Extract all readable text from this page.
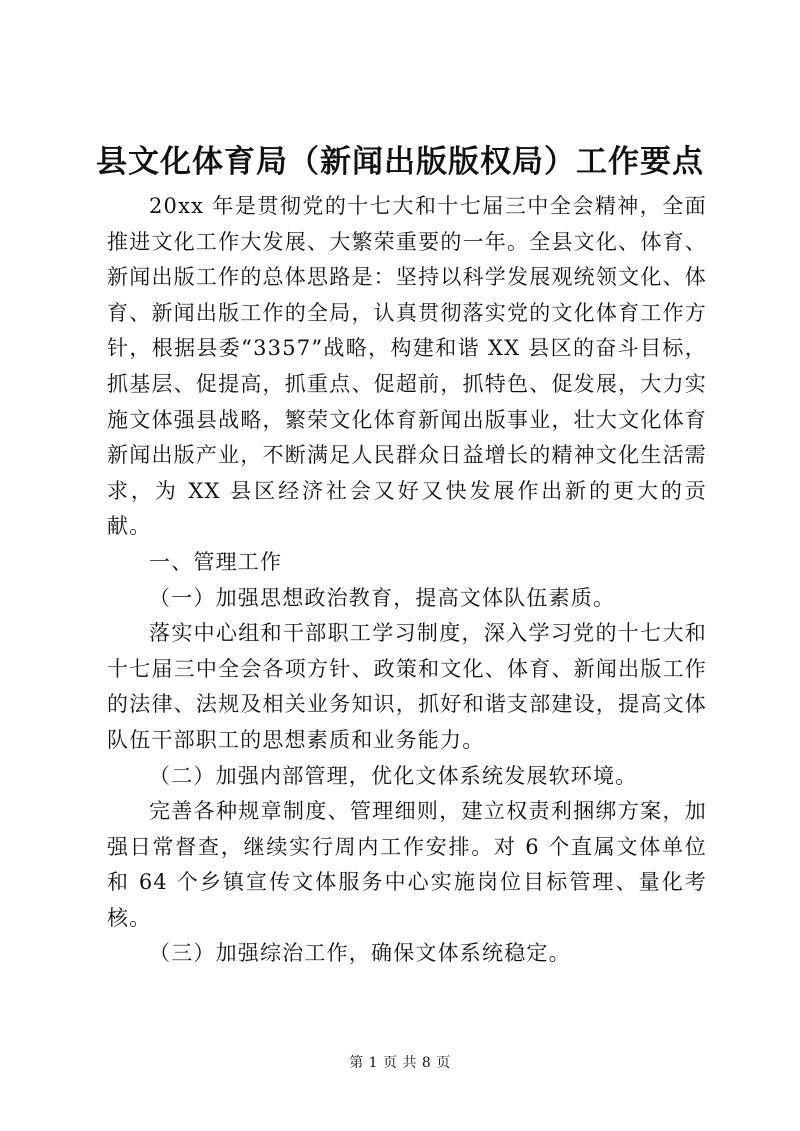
县文化体育局（新闻出版版权局）工作要点

20xx 年是贯彻党的十七大和十七届三中全会精神，全面推进文化工作大发展、大繁荣重要的一年。全县文化、体育、新闻出版工作的总体思路是：坚持以科学发展观统领文化、体育、新闻出版工作的全局，认真贯彻落实党的文化体育工作方针，根据县委“3357”战略，构建和谐 XX 县区的奋斗目标，抓基层、促提高，抓重点、促超前，抓特色、促发展，大力实施文体强县战略，繁荣文化体育新闻出版事业，壮大文化体育新闻出版产业，不断满足人民群众日益增长的精神文化生活需求，为 XX 县区经济社会又好又快发展作出新的更大的贡献。

一、管理工作

（一）加强思想政治教育，提高文体队伍素质。

落实中心组和干部职工学习制度，深入学习党的十七大和十七届三中全会各项方针、政策和文化、体育、新闻出版工作的法律、法规及相关业务知识，抓好和谐支部建设，提高文体队伍干部职工的思想素质和业务能力。

（二）加强内部管理，优化文体系统发展软环境。

完善各种规章制度、管理细则，建立权责利捆绑方案，加强日常督查，继续实行周内工作安排。对 6 个直属文体单位和 64 个乡镇宣传文体服务中心实施岗位目标管理、量化考核。

（三）加强综治工作，确保文体系统稳定。

第 1 页 共 8 页
